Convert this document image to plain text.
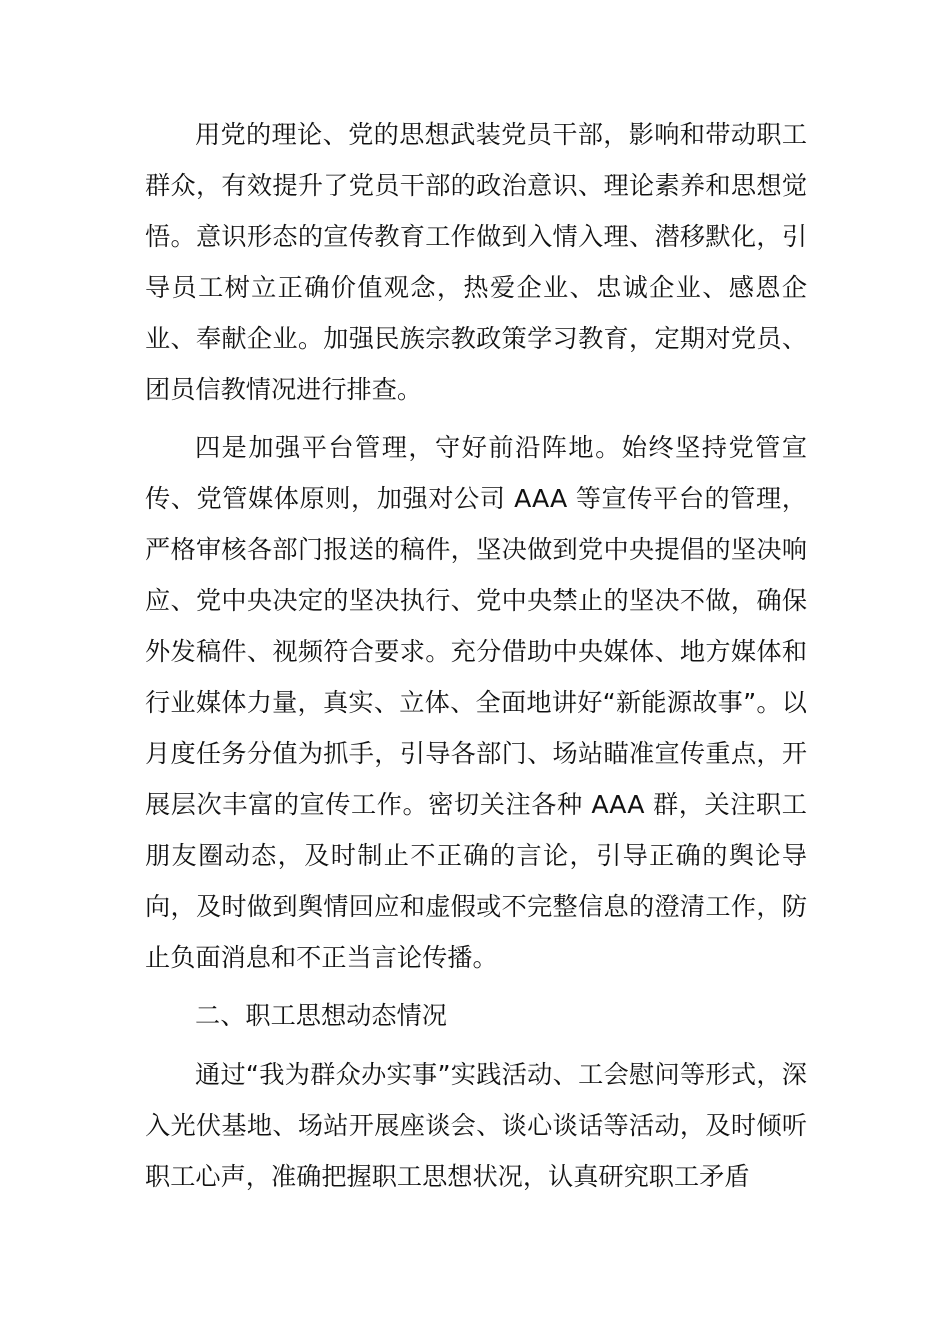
用党的理论、党的思想武装党员干部，影响和带动职工群众，有效提升了党员干部的政治意识、理论素养和思想觉悟。意识形态的宣传教育工作做到入情入理、潜移默化，引导员工树立正确价值观念，热爱企业、忠诚企业、感恩企业、奉献企业。加强民族宗教政策学习教育，定期对党员、团员信教情况进行排查。

四是加强平台管理，守好前沿阵地。始终坚持党管宣传、党管媒体原则，加强对公司 AAA 等宣传平台的管理，严格审核各部门报送的稿件，坚决做到党中央提倡的坚决响应、党中央决定的坚决执行、党中央禁止的坚决不做，确保外发稿件、视频符合要求。充分借助中央媒体、地方媒体和行业媒体力量，真实、立体、全面地讲好“新能源故事”。以月度任务分值为抓手，引导各部门、场站瞄准宣传重点，开展层次丰富的宣传工作。密切关注各种 AAA 群，关注职工朋友圈动态，及时制止不正确的言论，引导正确的舆论导向，及时做到舆情回应和虚假或不完整信息的澄清工作，防止负面消息和不正当言论传播。

二、职工思想动态情况

通过“我为群众办实事”实践活动、工会慰问等形式，深入光伏基地、场站开展座谈会、谈心谈话等活动，及时倾听职工心声，准确把握职工思想状况，认真研究职工矛盾
